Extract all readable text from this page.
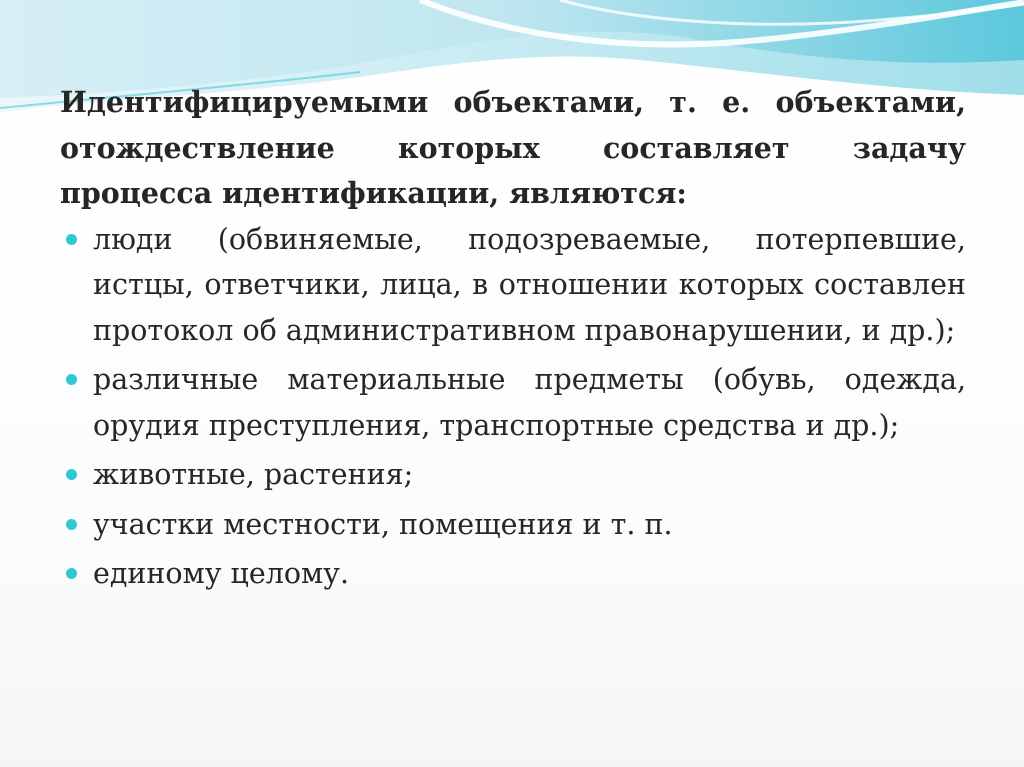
Идентифицируемыми объектами, т. е. объектами, отождествление которых составляет задачу процесса идентификации, являются:

люди (обвиняемые, подозреваемые, потерпевшие, истцы, ответчики, лица, в отношении которых составлен протокол об административном правонарушении, и др.);
различные материальные предметы (обувь, одежда, орудия преступления, транспортные средства и др.);
животные, растения;
участки местности, помещения и т. п.
единому целому.
